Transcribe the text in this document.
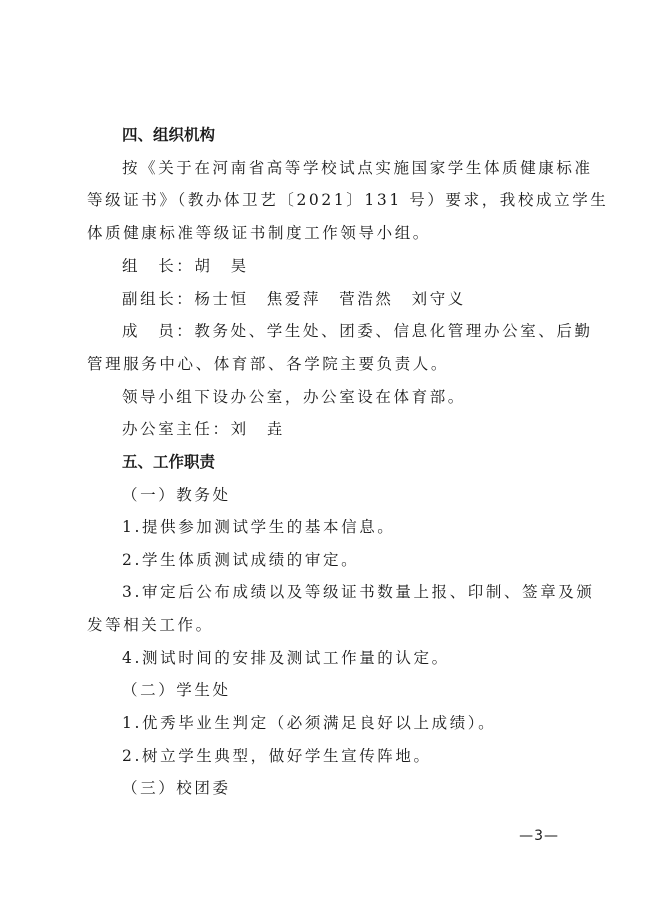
四、组织机构
按《关于在河南省高等学校试点实施国家学生体质健康标准
等级证书》（教办体卫艺〔2021〕131 号）要求，我校成立学生
体质健康标准等级证书制度工作领导小组。
组　长：胡　昊
副组长：杨士恒　焦爱萍　菅浩然　刘守义
成　员：教务处、学生处、团委、信息化管理办公室、后勤
管理服务中心、体育部、各学院主要负责人。
领导小组下设办公室，办公室设在体育部。
办公室主任：刘　垚
五、工作职责
（一）教务处
1.提供参加测试学生的基本信息。
2.学生体质测试成绩的审定。
3.审定后公布成绩以及等级证书数量上报、印制、签章及颁
发等相关工作。
4.测试时间的安排及测试工作量的认定。
（二）学生处
1.优秀毕业生判定（必须满足良好以上成绩）。
2.树立学生典型，做好学生宣传阵地。
（三）校团委
—3—
